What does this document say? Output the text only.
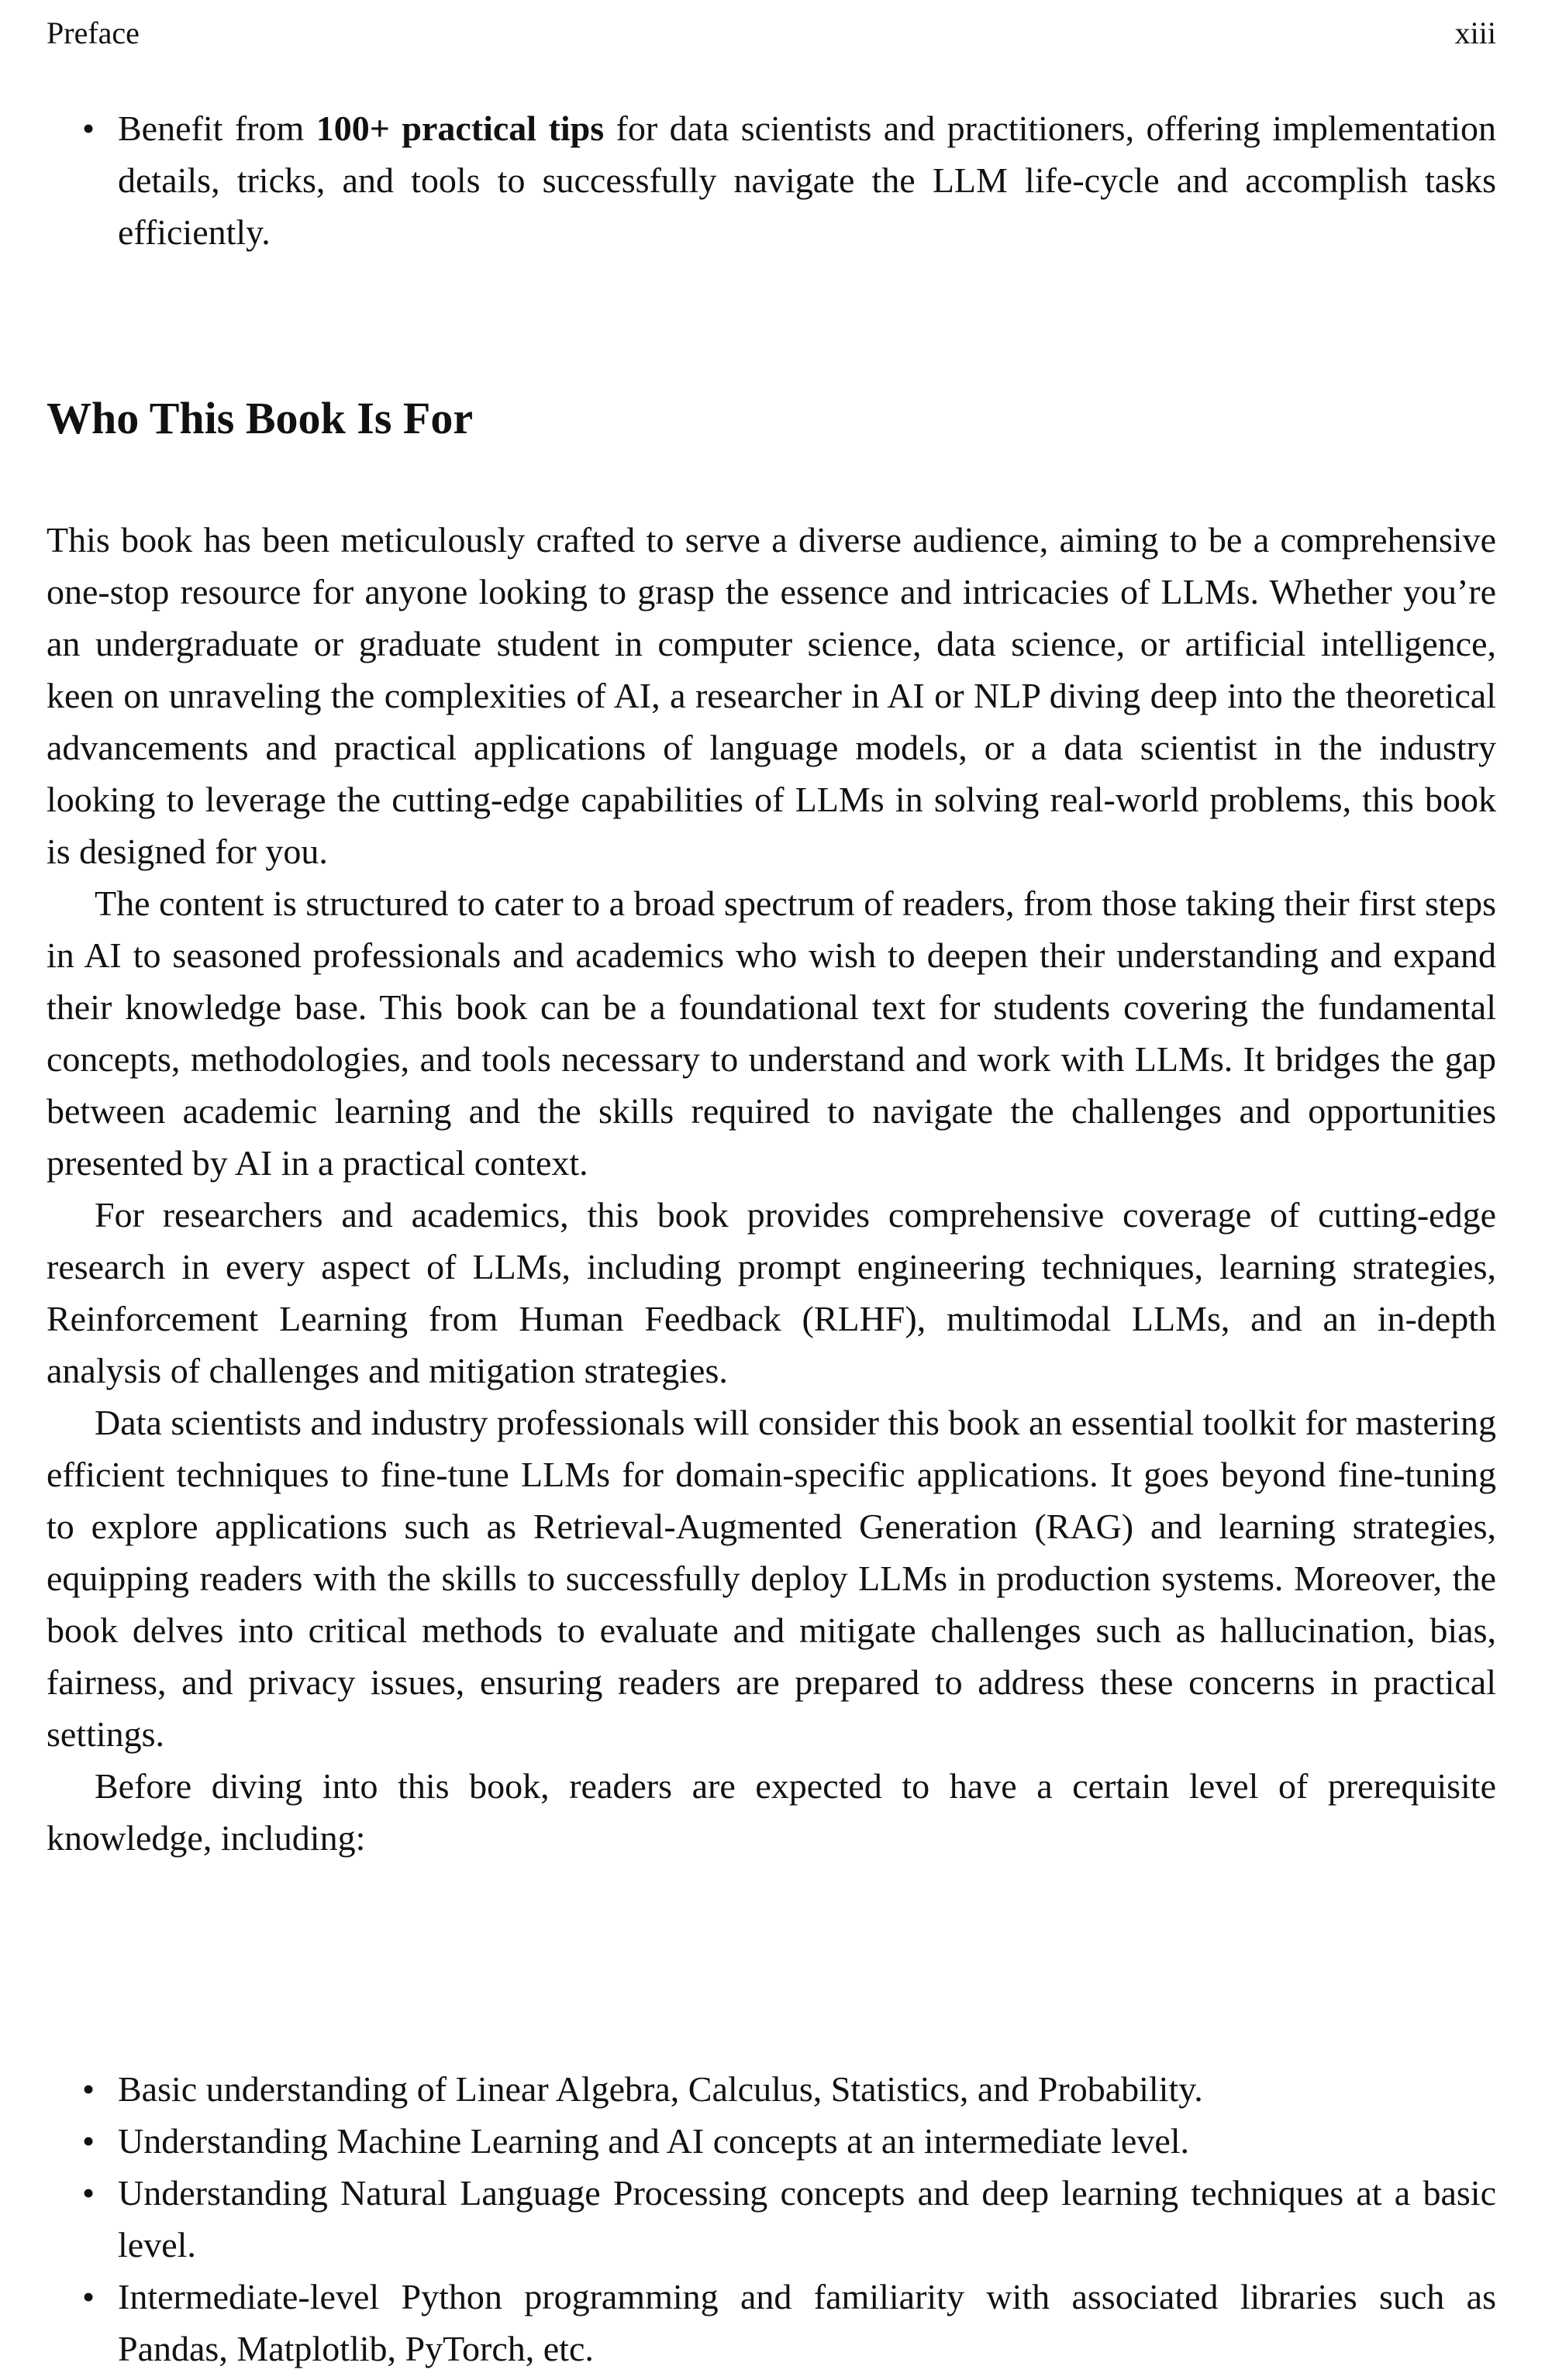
Preface	xiii
• Benefit from 100+ practical tips for data scientists and practitioners, offering implementation details, tricks, and tools to successfully navigate the LLM life-cycle and accomplish tasks efficiently.
Who This Book Is For

This book has been meticulously crafted to serve a diverse audience, aiming to be a comprehensive one-stop resource for anyone looking to grasp the essence and intricacies of LLMs. Whether you’re an undergraduate or graduate student in computer science, data science, or artificial intelligence, keen on unraveling the complexities of AI, a researcher in AI or NLP diving deep into the theoretical advancements and practical applications of language models, or a data scientist in the industry looking to leverage the cutting-edge capabilities of LLMs in solving real-world problems, this book is designed for you.

The content is structured to cater to a broad spectrum of readers, from those taking their first steps in AI to seasoned professionals and academics who wish to deepen their understanding and expand their knowledge base. This book can be a foundational text for students covering the fundamental concepts, methodologies, and tools necessary to understand and work with LLMs. It bridges the gap between academic learning and the skills required to navigate the challenges and opportunities presented by AI in a practical context.

For researchers and academics, this book provides comprehensive coverage of cutting-edge research in every aspect of LLMs, including prompt engineering techniques, learning strategies, Reinforcement Learning from Human Feedback (RLHF), multimodal LLMs, and an in-depth analysis of challenges and mitigation strategies.

Data scientists and industry professionals will consider this book an essential toolkit for mastering efficient techniques to fine-tune LLMs for domain-specific applications. It goes beyond fine-tuning to explore applications such as Retrieval-Augmented Generation (RAG) and learning strategies, equipping readers with the skills to successfully deploy LLMs in production systems. Moreover, the book delves into critical methods to evaluate and mitigate challenges such as hallucination, bias, fairness, and privacy issues, ensuring readers are prepared to address these concerns in practical settings.

Before diving into this book, readers are expected to have a certain level of prerequisite knowledge, including:

• Basic understanding of Linear Algebra, Calculus, Statistics, and Probability.
• Understanding Machine Learning and AI concepts at an intermediate level.
• Understanding Natural Language Processing concepts and deep learning techniques at a basic level.
• Intermediate-level Python programming and familiarity with associated libraries such as Pandas, Matplotlib, PyTorch, etc.
